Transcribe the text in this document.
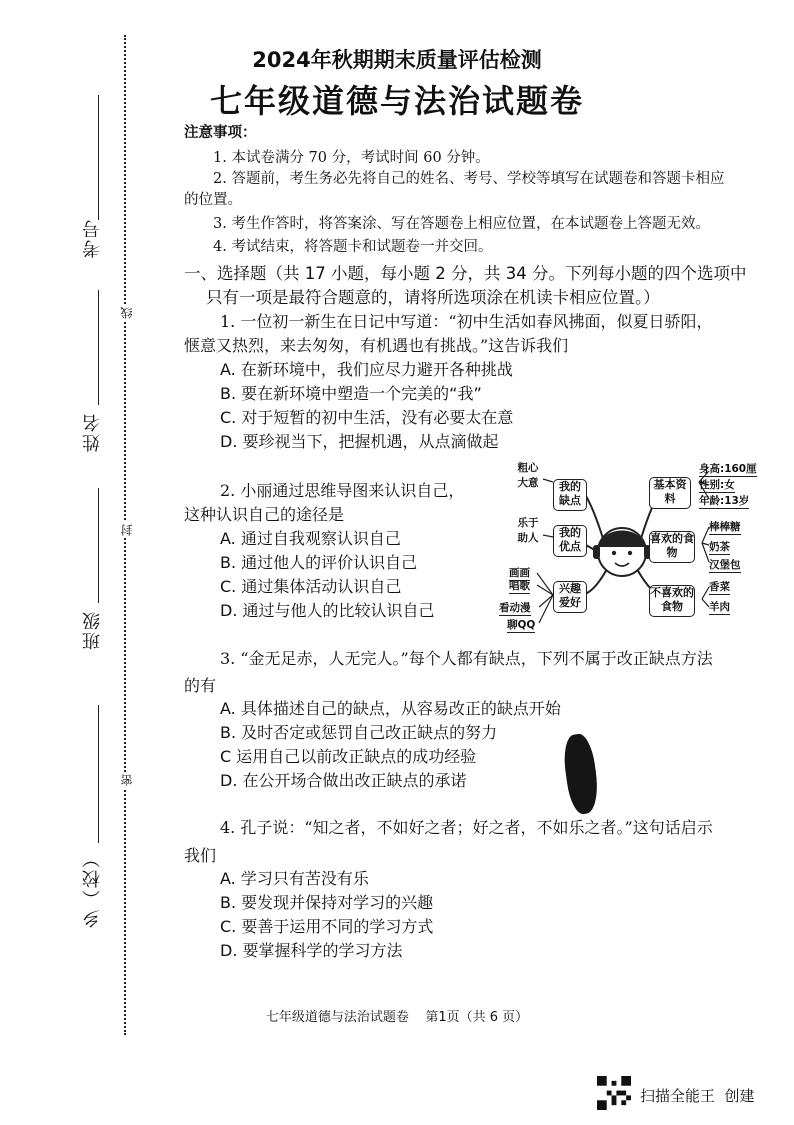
考号
姓名
班级
乡（校）
线
封
密
2024年秋期期末质量评估检测
七年级道德与法治试题卷
注意事项：
1. 本试卷满分 70 分，考试时间 60 分钟。
2. 答题前，考生务必先将自己的姓名、考号、学校等填写在试题卷和答题卡相应
的位置。
3. 考生作答时，将答案涂、写在答题卷上相应位置，在本试题卷上答题无效。
4. 考试结束，将答题卡和试题卷一并交回。
一、选择题（共 17 小题，每小题 2 分，共 34 分。下列每小题的四个选项中
只有一项是最符合题意的，请将所选项涂在机读卡相应位置。）
1. 一位初一新生在日记中写道：“初中生活如春风拂面，似夏日骄阳，
惬意又热烈，来去匆匆，有机遇也有挑战。”这告诉我们
A. 在新环境中，我们应尽力避开各种挑战
B. 要在新环境中塑造一个完美的“我”
C. 对于短暂的初中生活，没有必要太在意
D. 要珍视当下，把握机遇，从点滴做起
2. 小丽通过思维导图来认识自己，
这种认识自己的途径是
A. 通过自我观察认识自己
B. 通过他人的评价认识自己
C. 通过集体活动认识自己
D. 通过与他人的比较认识自己
我的缺点
我的优点
兴趣爱好
基本资料
喜欢的食物
不喜欢的食物
粗心大意
乐于助人
画画
唱歌
看动漫
聊QQ
身高:160厘
性别:女
年龄:13岁
棒棒糖
奶茶
汉堡包
香菜
羊肉
3. “金无足赤，人无完人。”每个人都有缺点，下列不属于改正缺点方法
的有
A. 具体描述自己的缺点，从容易改正的缺点开始
B. 及时否定或惩罚自己改正缺点的努力
C 运用自己以前改正缺点的成功经验
D. 在公开场合做出改正缺点的承诺
4. 孔子说：“知之者，不如好之者；好之者，不如乐之者。”这句话启示
我们
A. 学习只有苦没有乐
B. 要发现并保持对学习的兴趣
C. 要善于运用不同的学习方式
D. 要掌握科学的学习方法
七年级道德与法治试题卷    第1页（共 6 页）
扫描全能王  创建
